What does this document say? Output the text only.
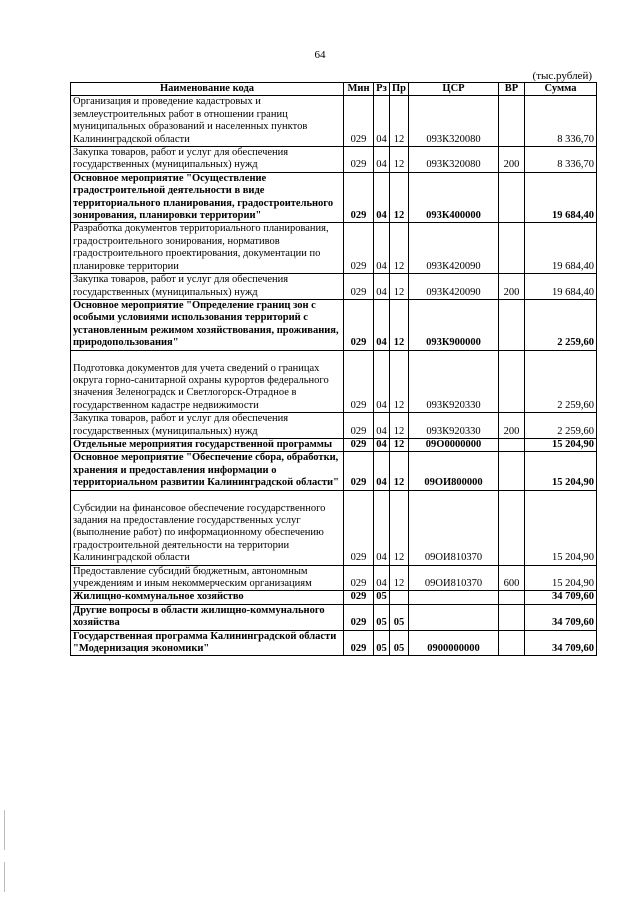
64
(тыс.рублей)
Наименование кода	Мин	Рз	Пр	ЦСР	ВР	Сумма
Организация и проведение кадастровых и землеустроительных работ в отношении границ муниципальных образований и населенных пунктов Калининградской области	029	04	12	093К320080		8 336,70
Закупка товаров, работ и услуг для обеспечения государственных (муниципальных) нужд	029	04	12	093К320080	200	8 336,70
Основное мероприятие "Осуществление градостроительной деятельности в виде территориального планирования, градостроительного зонирования, планировки территории"	029	04	12	093К400000		19 684,40
Разработка документов территориального планирования, градостроительного зонирования, нормативов градостроительного проектирования, документации по планировке территории	029	04	12	093К420090		19 684,40
Закупка товаров, работ и услуг для обеспечения государственных (муниципальных) нужд	029	04	12	093К420090	200	19 684,40
Основное мероприятие "Определение границ зон с особыми условиями использования территорий с установленным режимом хозяйствования, проживания, природопользования"	029	04	12	093К900000		2 259,60

Подготовка документов для учета сведений о границах округа горно-санитарной охраны курортов федерального значения Зеленоградск и Светлогорск-Отрадное в государственном кадастре недвижимости	029	04	12	093К920330		2 259,60
Закупка товаров, работ и услуг для обеспечения государственных (муниципальных) нужд	029	04	12	093К920330	200	2 259,60
Отдельные мероприятия государственной программы	029	04	12	09О0000000		15 204,90
Основное мероприятие "Обеспечение сбора, обработки, хранения и предоставления информации о территориальном развитии Калининградской области"	029	04	12	09ОИ800000		15 204,90

Субсидии на финансовое обеспечение государственного задания на предоставление государственных услуг (выполнение работ) по информационному обеспечению градостроительной деятельности на территории Калининградской области	029	04	12	09ОИ810370		15 204,90
Предоставление субсидий бюджетным, автономным учреждениям и иным некоммерческим организациям	029	04	12	09ОИ810370	600	15 204,90
Жилищно-коммунальное хозяйство	029	05				34 709,60
Другие вопросы в области жилищно-коммунального хозяйства	029	05	05			34 709,60
Государственная программа Калининградской области "Модернизация экономики"	029	05	05	0900000000		34 709,60
